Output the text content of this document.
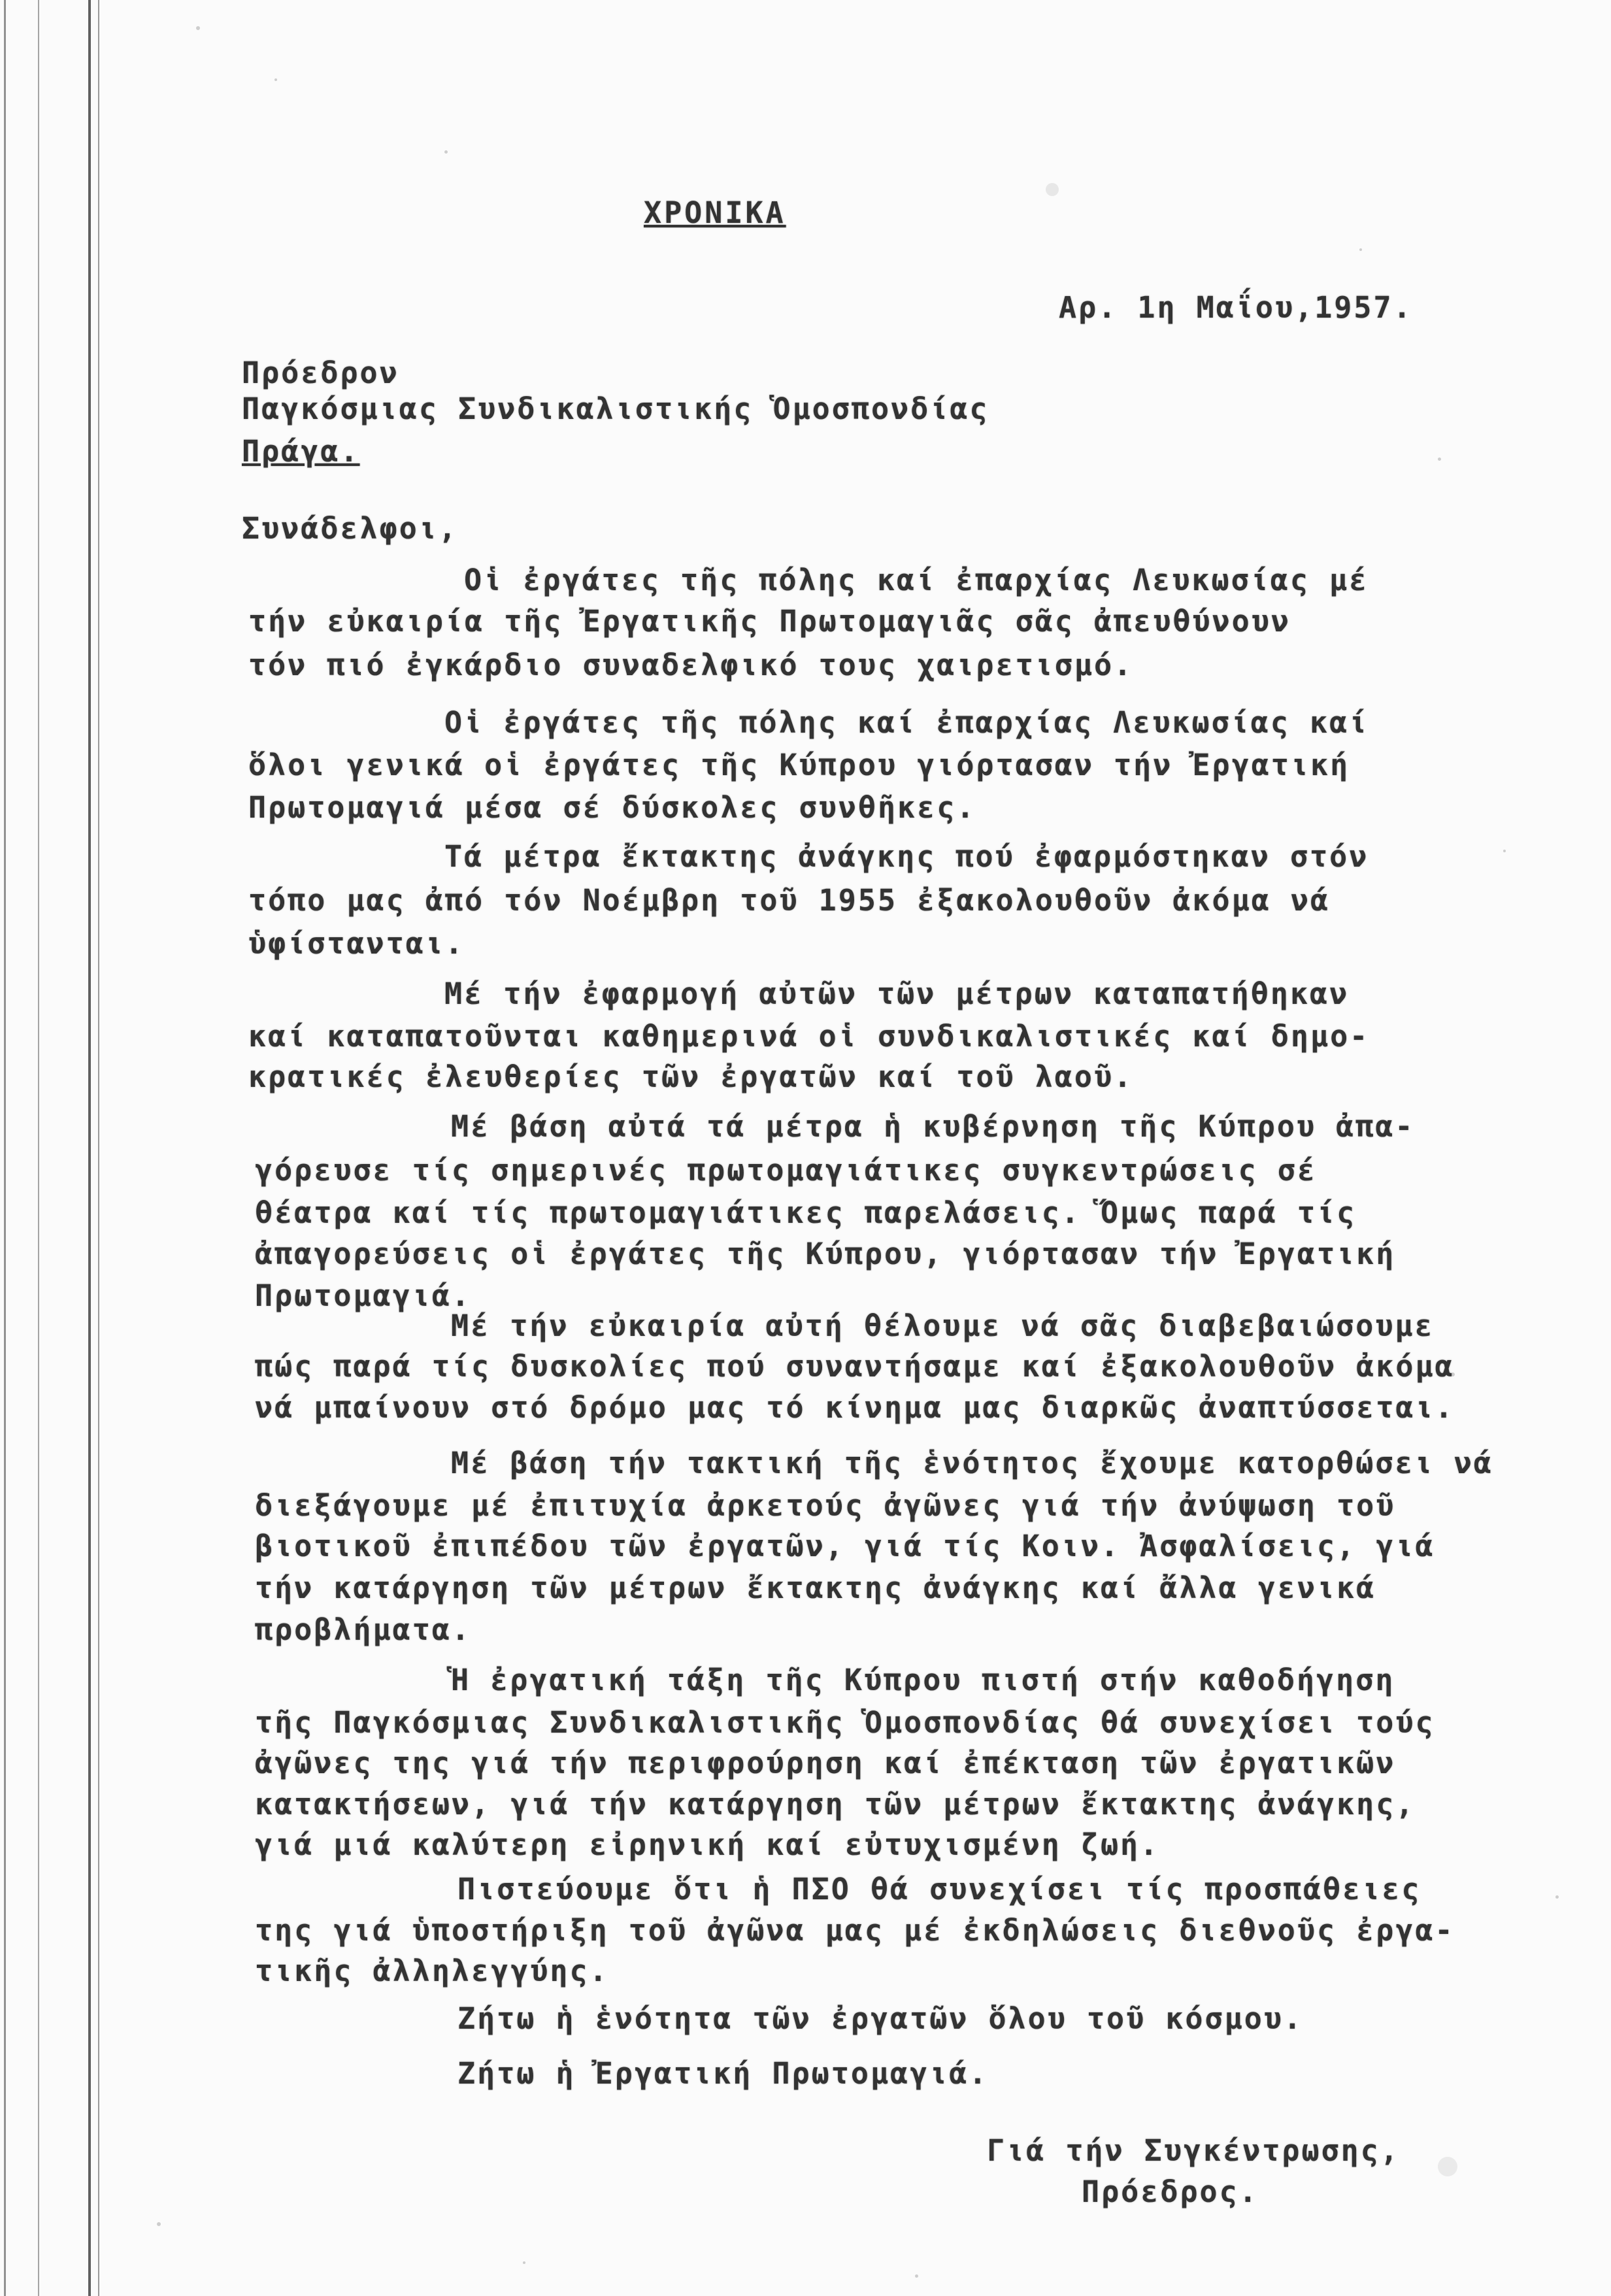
ΧΡΟΝΙΚΑ
Αρ. 1η Μαΐου,1957.
Πρόεδρον
Παγκόσμιας Συνδικαλιστικής Ὁμοσπονδίας
Πράγα.
Συνάδελφοι,
Οἱ ἐργάτες τῆς πόλης καί ἐπαρχίας Λευκωσίας μέ
τήν εὐκαιρία τῆς Ἐργατικῆς Πρωτομαγιᾶς σᾶς ἀπευθύνουν
τόν πιό ἐγκάρδιο συναδελφικό τους χαιρετισμό.
Οἱ ἐργάτες τῆς πόλης καί ἐπαρχίας Λευκωσίας καί
ὅλοι γενικά οἱ ἐργάτες τῆς Κύπρου γιόρτασαν τήν Ἐργατική
Πρωτομαγιά μέσα σέ δύσκολες συνθῆκες.
Τά μέτρα ἔκτακτης ἀνάγκης πού ἐφαρμόστηκαν στόν
τόπο μας ἀπό τόν Νοέμβρη τοῦ 1955 ἐξακολουθοῦν ἀκόμα νά
ὑφίστανται.
Μέ τήν ἐφαρμογή αὐτῶν τῶν μέτρων καταπατήθηκαν
καί καταπατοῦνται καθημερινά οἱ συνδικαλιστικές καί δημο-
κρατικές ἐλευθερίες τῶν ἐργατῶν καί τοῦ λαοῦ.
Μέ βάση αὐτά τά μέτρα ἡ κυβέρνηση τῆς Κύπρου ἀπα-
γόρευσε τίς σημερινές πρωτομαγιάτικες συγκεντρώσεις σέ
θέατρα καί τίς πρωτομαγιάτικες παρελάσεις. Ὅμως παρά τίς
ἀπαγορεύσεις οἱ ἐργάτες τῆς Κύπρου, γιόρτασαν τήν Ἐργατική
Πρωτομαγιά.
Μέ τήν εὐκαιρία αὐτή θέλουμε νά σᾶς διαβεβαιώσουμε
πώς παρά τίς δυσκολίες πού συναντήσαμε καί ἐξακολουθοῦν ἀκόμα
νά μπαίνουν στό δρόμο μας τό κίνημα μας διαρκῶς ἀναπτύσσεται.
Μέ βάση τήν τακτική τῆς ἑνότητος ἔχουμε κατορθώσει νά
διεξάγουμε μέ ἐπιτυχία ἀρκετούς ἀγῶνες γιά τήν ἀνύψωση τοῦ
βιοτικοῦ ἐπιπέδου τῶν ἐργατῶν, γιά τίς Κοιν. Ἀσφαλίσεις, γιά
τήν κατάργηση τῶν μέτρων ἔκτακτης ἀνάγκης καί ἄλλα γενικά
προβλήματα.
Ἡ ἐργατική τάξη τῆς Κύπρου πιστή στήν καθοδήγηση
τῆς Παγκόσμιας Συνδικαλιστικῆς Ὁμοσπονδίας θά συνεχίσει τούς
ἀγῶνες της γιά τήν περιφρούρηση καί ἐπέκταση τῶν ἐργατικῶν
κατακτήσεων, γιά τήν κατάργηση τῶν μέτρων ἔκτακτης ἀνάγκης,
γιά μιά καλύτερη εἰρηνική καί εὐτυχισμένη ζωή.
Πιστεύουμε ὅτι ἡ ΠΣΟ θά συνεχίσει τίς προσπάθειες
της γιά ὑποστήριξη τοῦ ἀγῶνα μας μέ ἐκδηλώσεις διεθνοῦς ἐργα-
τικῆς ἀλληλεγγύης.
Ζήτω ἡ ἑνότητα τῶν ἐργατῶν ὅλου τοῦ κόσμου.
Ζήτω ἡ Ἐργατική Πρωτομαγιά.
Γιά τήν Συγκέντρωσης,
Πρόεδρος.
